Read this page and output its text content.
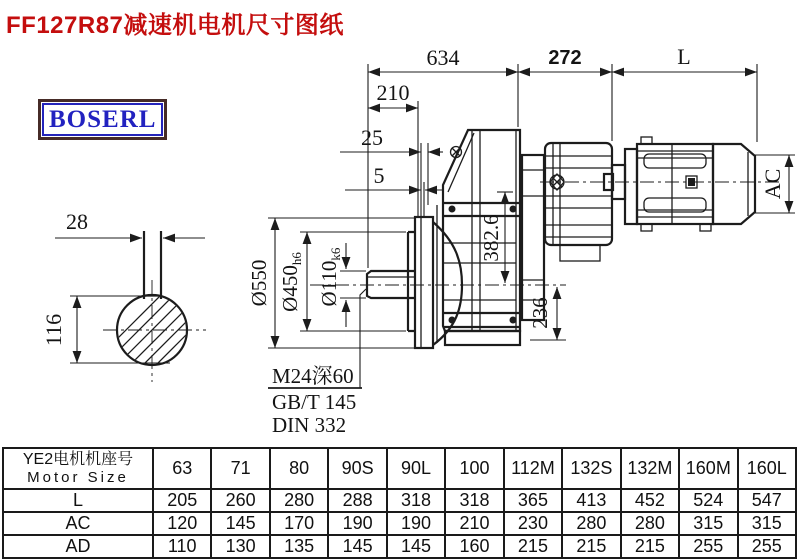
FF127R87减速机电机尺寸图纸
BOSERL
28
116
634	272	L
210
25
5
Ø550 Ø450h6
Ø110k6
M24深60
GB/T 145
DIN 332
382.6
236
AC
YE2电机机座号
Motor Size	63	71	80	90S	90L	100	112M	132S	132M	160M	160L
L	205	260	280	288	318	318	365	413	452	524	547
AC	120	145	170	190	190	210	230	280	280	315	315
AD	110	130	135	145	145	160	215	215	215	255	255
